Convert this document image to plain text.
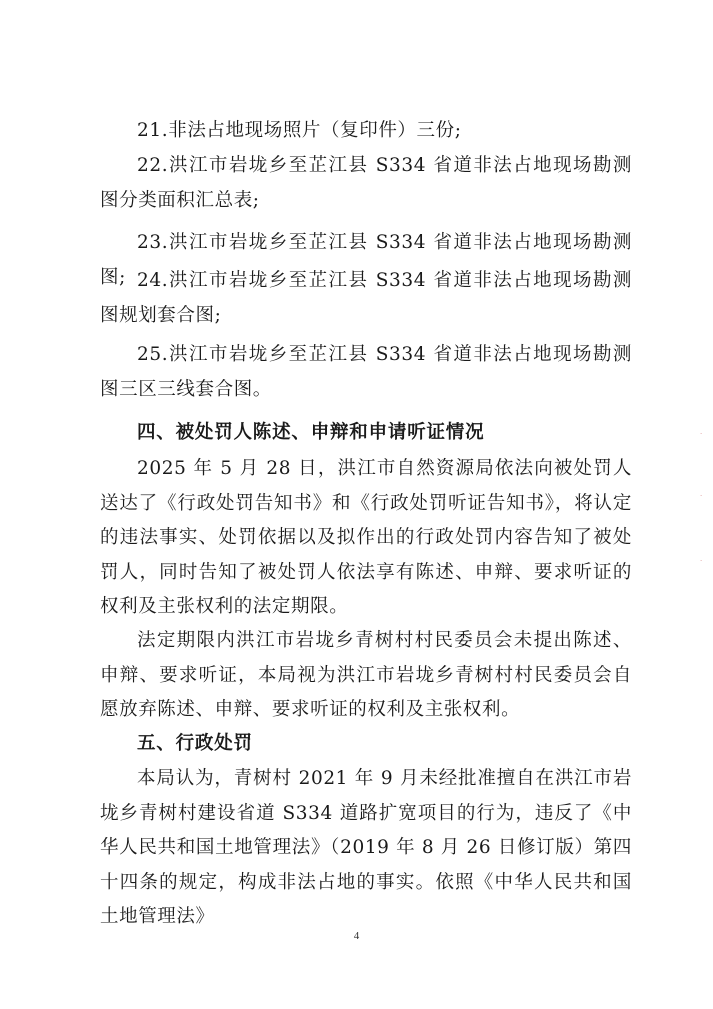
21.非法占地现场照片（复印件）三份;

22.洪江市岩垅乡至芷江县 S334 省道非法占地现场勘测图分类面积汇总表;

23.洪江市岩垅乡至芷江县 S334 省道非法占地现场勘测图; 24.洪江市岩垅乡至芷江县 S334 省道非法占地现场勘测图规划套合图;

25.洪江市岩垅乡至芷江县 S334 省道非法占地现场勘测图三区三线套合图。

四、被处罚人陈述、申辩和申请听证情况

2025 年 5 月 28 日，洪江市自然资源局依法向被处罚人送达了《行政处罚告知书》和《行政处罚听证告知书》，将认定的违法事实、处罚依据以及拟作出的行政处罚内容告知了被处罚人，同时告知了被处罚人依法享有陈述、申辩、要求听证的权利及主张权利的法定期限。

法定期限内洪江市岩垅乡青树村村民委员会未提出陈述、申辩、要求听证，本局视为洪江市岩垅乡青树村村民委员会自愿放弃陈述、申辩、要求听证的权利及主张权利。

五、行政处罚

本局认为，青树村 2021 年 9 月未经批准擅自在洪江市岩垅乡青树村建设省道 S334 道路扩宽项目的行为，违反了《中华人民共和国土地管理法》（2019 年 8 月 26 日修订版）第四十四条的规定，构成非法占地的事实。依照《中华人民共和国土地管理法》

4
·
·
·
